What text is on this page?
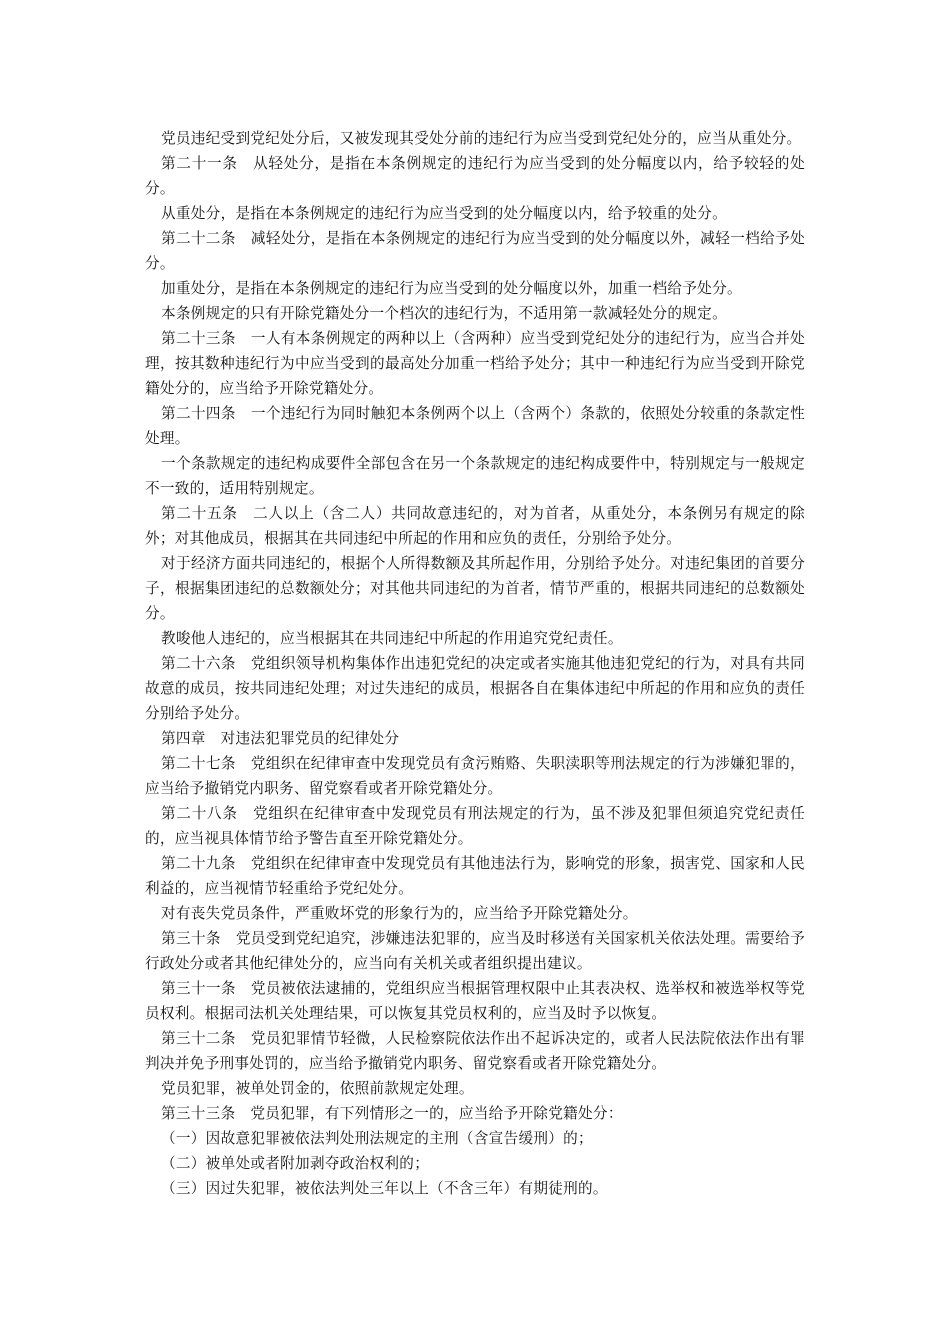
党员违纪受到党纪处分后，又被发现其受处分前的违纪行为应当受到党纪处分的，应当从重处分。

第二十一条　从轻处分，是指在本条例规定的违纪行为应当受到的处分幅度以内，给予较轻的处分。

从重处分，是指在本条例规定的违纪行为应当受到的处分幅度以内，给予较重的处分。

第二十二条　减轻处分，是指在本条例规定的违纪行为应当受到的处分幅度以外，减轻一档给予处分。

加重处分，是指在本条例规定的违纪行为应当受到的处分幅度以外，加重一档给予处分。

本条例规定的只有开除党籍处分一个档次的违纪行为，不适用第一款减轻处分的规定。

第二十三条　一人有本条例规定的两种以上（含两种）应当受到党纪处分的违纪行为，应当合并处理，按其数种违纪行为中应当受到的最高处分加重一档给予处分；其中一种违纪行为应当受到开除党籍处分的，应当给予开除党籍处分。

第二十四条　一个违纪行为同时触犯本条例两个以上（含两个）条款的，依照处分较重的条款定性处理。

一个条款规定的违纪构成要件全部包含在另一个条款规定的违纪构成要件中，特别规定与一般规定不一致的，适用特别规定。

第二十五条　二人以上（含二人）共同故意违纪的，对为首者，从重处分，本条例另有规定的除外；对其他成员，根据其在共同违纪中所起的作用和应负的责任，分别给予处分。

对于经济方面共同违纪的，根据个人所得数额及其所起作用，分别给予处分。对违纪集团的首要分子，根据集团违纪的总数额处分；对其他共同违纪的为首者，情节严重的，根据共同违纪的总数额处分。

教唆他人违纪的，应当根据其在共同违纪中所起的作用追究党纪责任。

第二十六条　党组织领导机构集体作出违犯党纪的决定或者实施其他违犯党纪的行为，对具有共同故意的成员，按共同违纪处理；对过失违纪的成员，根据各自在集体违纪中所起的作用和应负的责任分别给予处分。

第四章　对违法犯罪党员的纪律处分

第二十七条　党组织在纪律审查中发现党员有贪污贿赂、失职渎职等刑法规定的行为涉嫌犯罪的，应当给予撤销党内职务、留党察看或者开除党籍处分。

第二十八条　党组织在纪律审查中发现党员有刑法规定的行为，虽不涉及犯罪但须追究党纪责任的，应当视具体情节给予警告直至开除党籍处分。

第二十九条　党组织在纪律审查中发现党员有其他违法行为，影响党的形象，损害党、国家和人民利益的，应当视情节轻重给予党纪处分。

对有丧失党员条件，严重败坏党的形象行为的，应当给予开除党籍处分。

第三十条　党员受到党纪追究，涉嫌违法犯罪的，应当及时移送有关国家机关依法处理。需要给予行政处分或者其他纪律处分的，应当向有关机关或者组织提出建议。

第三十一条　党员被依法逮捕的，党组织应当根据管理权限中止其表决权、选举权和被选举权等党员权利。根据司法机关处理结果，可以恢复其党员权利的，应当及时予以恢复。

第三十二条　党员犯罪情节轻微，人民检察院依法作出不起诉决定的，或者人民法院依法作出有罪判决并免予刑事处罚的，应当给予撤销党内职务、留党察看或者开除党籍处分。

党员犯罪，被单处罚金的，依照前款规定处理。

第三十三条　党员犯罪，有下列情形之一的，应当给予开除党籍处分：

（一）因故意犯罪被依法判处刑法规定的主刑（含宣告缓刑）的；

（二）被单处或者附加剥夺政治权利的；

（三）因过失犯罪，被依法判处三年以上（不含三年）有期徒刑的。
